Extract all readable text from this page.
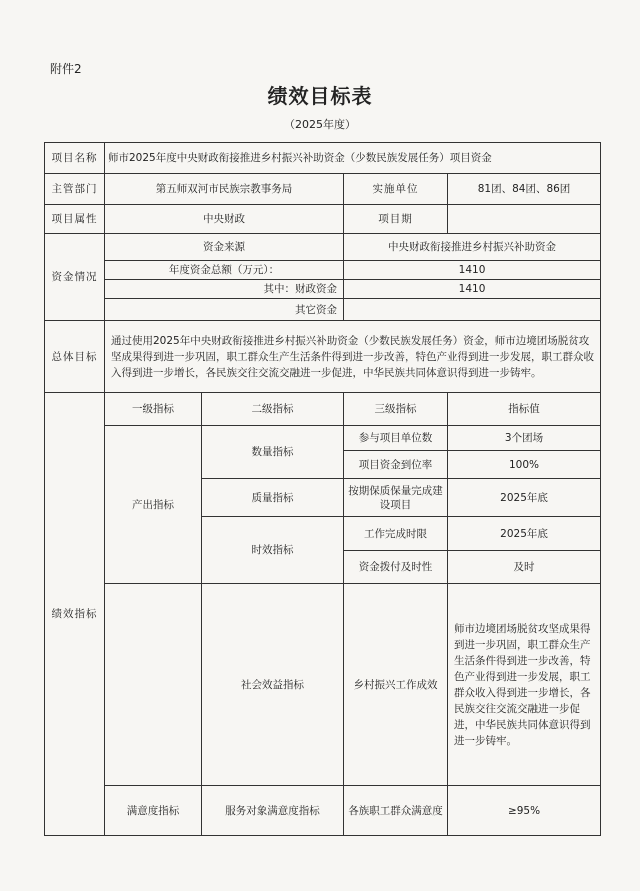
附件2
绩效目标表
（2025年度）
项目名称	师市2025年度中央财政衔接推进乡村振兴补助资金（少数民族发展任务）项目资金			
主管部门	第五师双河市民族宗教事务局		实施单位	81团、84团、86团
项目属性	中央财政		项目期	
资金情况	资金来源		中央财政衔接推进乡村振兴补助资金	
	年度资金总额（万元）：		1410	
	其中：财政资金		1410	
	其它资金			
总体目标	通过使用2025年中央财政衔接推进乡村振兴补助资金（少数民族发展任务）资金，师市边境团场脱贫攻坚成果得到进一步巩固，职工群众生产生活条件得到进一步改善，特色产业得到进一步发展，职工群众收入得到进一步增长，各民族交往交流交融进一步促进，中华民族共同体意识得到进一步铸牢。			
绩效指标	一级指标	二级指标	三级指标	指标值
	产出指标	数量指标	参与项目单位数	3个团场
			项目资金到位率	100%
		质量指标	按期保质保量完成建设项目	2025年底
		时效指标	工作完成时限	2025年底
			资金拨付及时性	及时
		社会效益指标	乡村振兴工作成效	师市边境团场脱贫攻坚成果得到进一步巩固，职工群众生产生活条件得到进一步改善，特色产业得到进一步发展，职工群众收入得到进一步增长，各民族交往交流交融进一步促进，中华民族共同体意识得到进一步铸牢。
	满意度指标	服务对象满意度指标	各族职工群众满意度	≥95%
